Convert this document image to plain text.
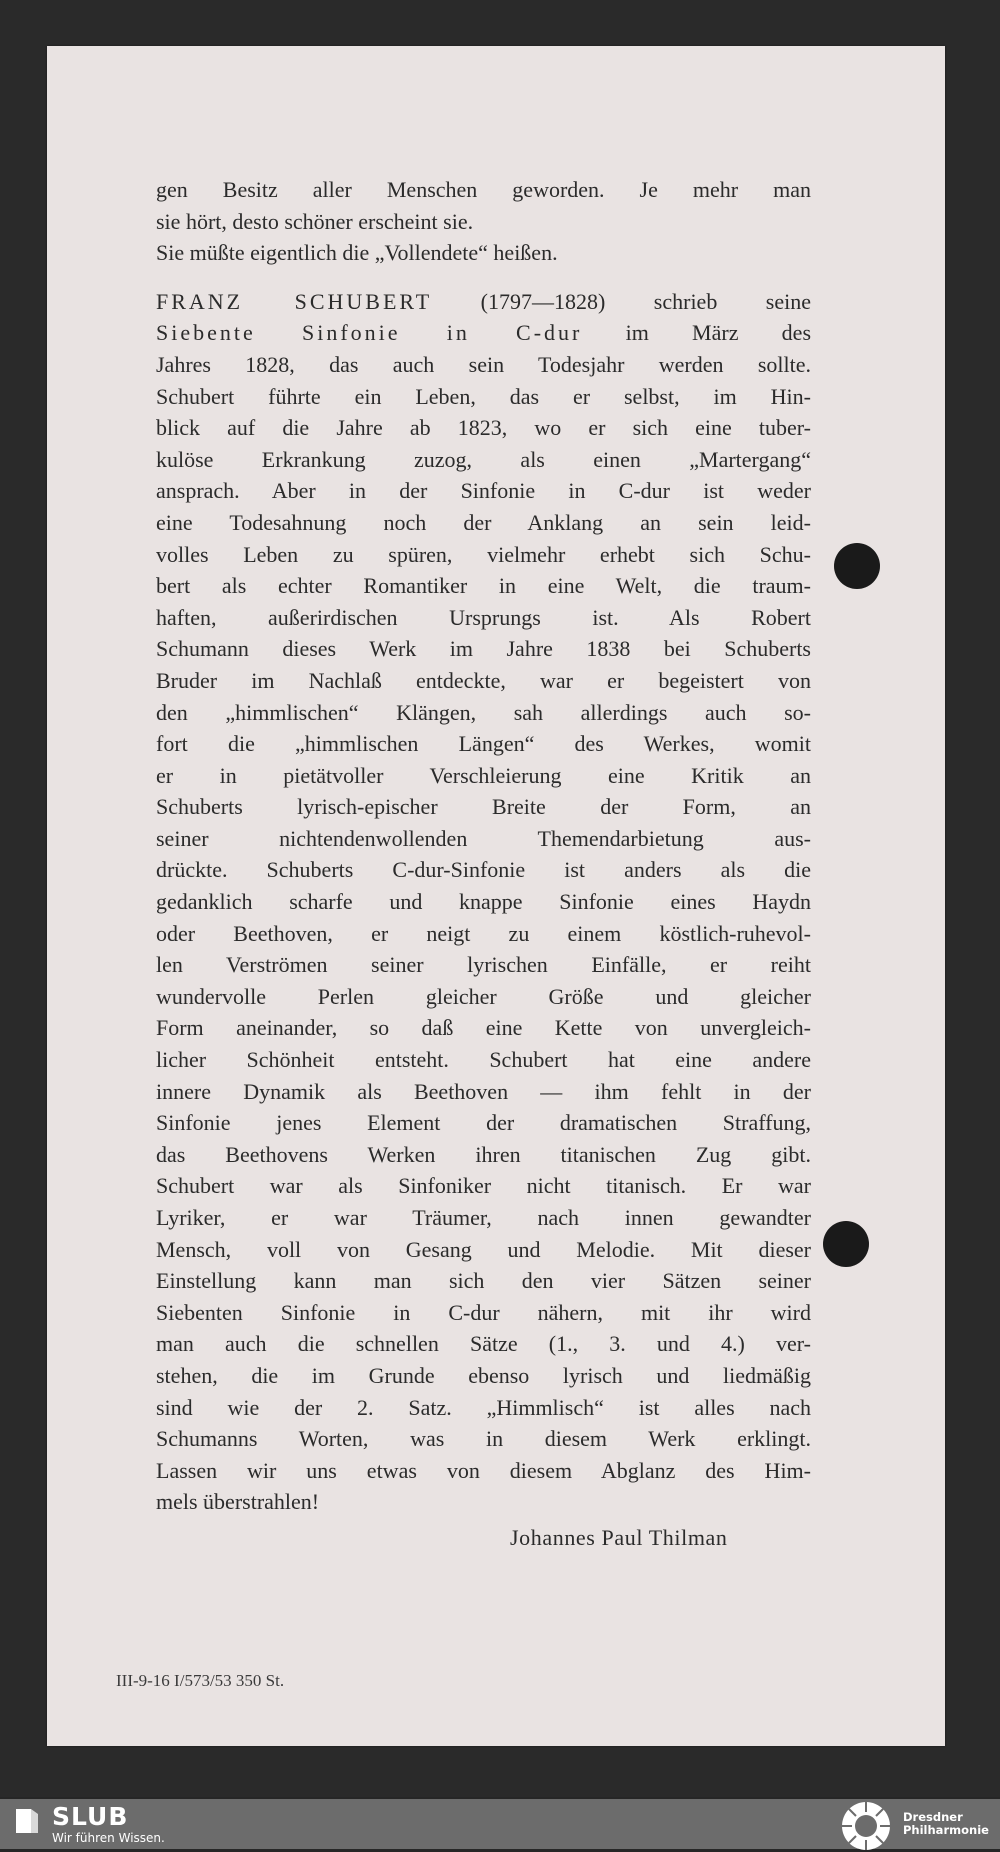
gen Besitz aller Menschen geworden. Je mehr man
sie hört, desto schöner erscheint sie.
Sie müßte eigentlich die „Vollendete“ heißen.
FRANZ SCHUBERT (1797—1828) schrieb seine
Siebente Sinfonie in C-dur im März des
Jahres 1828, das auch sein Todesjahr werden sollte.
Schubert führte ein Leben, das er selbst, im Hin-
blick auf die Jahre ab 1823, wo er sich eine tuber-
kulöse Erkrankung zuzog, als einen „Martergang“
ansprach. Aber in der Sinfonie in C-dur ist weder
eine Todesahnung noch der Anklang an sein leid-
volles Leben zu spüren, vielmehr erhebt sich Schu-
bert als echter Romantiker in eine Welt, die traum-
haften, außerirdischen Ursprungs ist. Als Robert
Schumann dieses Werk im Jahre 1838 bei Schuberts
Bruder im Nachlaß entdeckte, war er begeistert von
den „himmlischen“ Klängen, sah allerdings auch so-
fort die „himmlischen Längen“ des Werkes, womit
er in pietätvoller Verschleierung eine Kritik an
Schuberts lyrisch-epischer Breite der Form, an
seiner nichtendenwollenden Themendarbietung aus-
drückte. Schuberts C-dur-Sinfonie ist anders als die
gedanklich scharfe und knappe Sinfonie eines Haydn
oder Beethoven, er neigt zu einem köstlich-ruhevol-
len Verströmen seiner lyrischen Einfälle, er reiht
wundervolle Perlen gleicher Größe und gleicher
Form aneinander, so daß eine Kette von unvergleich-
licher Schönheit entsteht. Schubert hat eine andere
innere Dynamik als Beethoven — ihm fehlt in der
Sinfonie jenes Element der dramatischen Straffung,
das Beethovens Werken ihren titanischen Zug gibt.
Schubert war als Sinfoniker nicht titanisch. Er war
Lyriker, er war Träumer, nach innen gewandter
Mensch, voll von Gesang und Melodie. Mit dieser
Einstellung kann man sich den vier Sätzen seiner
Siebenten Sinfonie in C-dur nähern, mit ihr wird
man auch die schnellen Sätze (1., 3. und 4.) ver-
stehen, die im Grunde ebenso lyrisch und liedmäßig
sind wie der 2. Satz. „Himmlisch“ ist alles nach
Schumanns Worten, was in diesem Werk erklingt.
Lassen wir uns etwas von diesem Abglanz des Him-
mels überstrahlen!
Johannes Paul Thilman
III-9-16 I/573/53 350 St.
SLUB
Wir führen Wissen.
Dresdner
Philharmonie
